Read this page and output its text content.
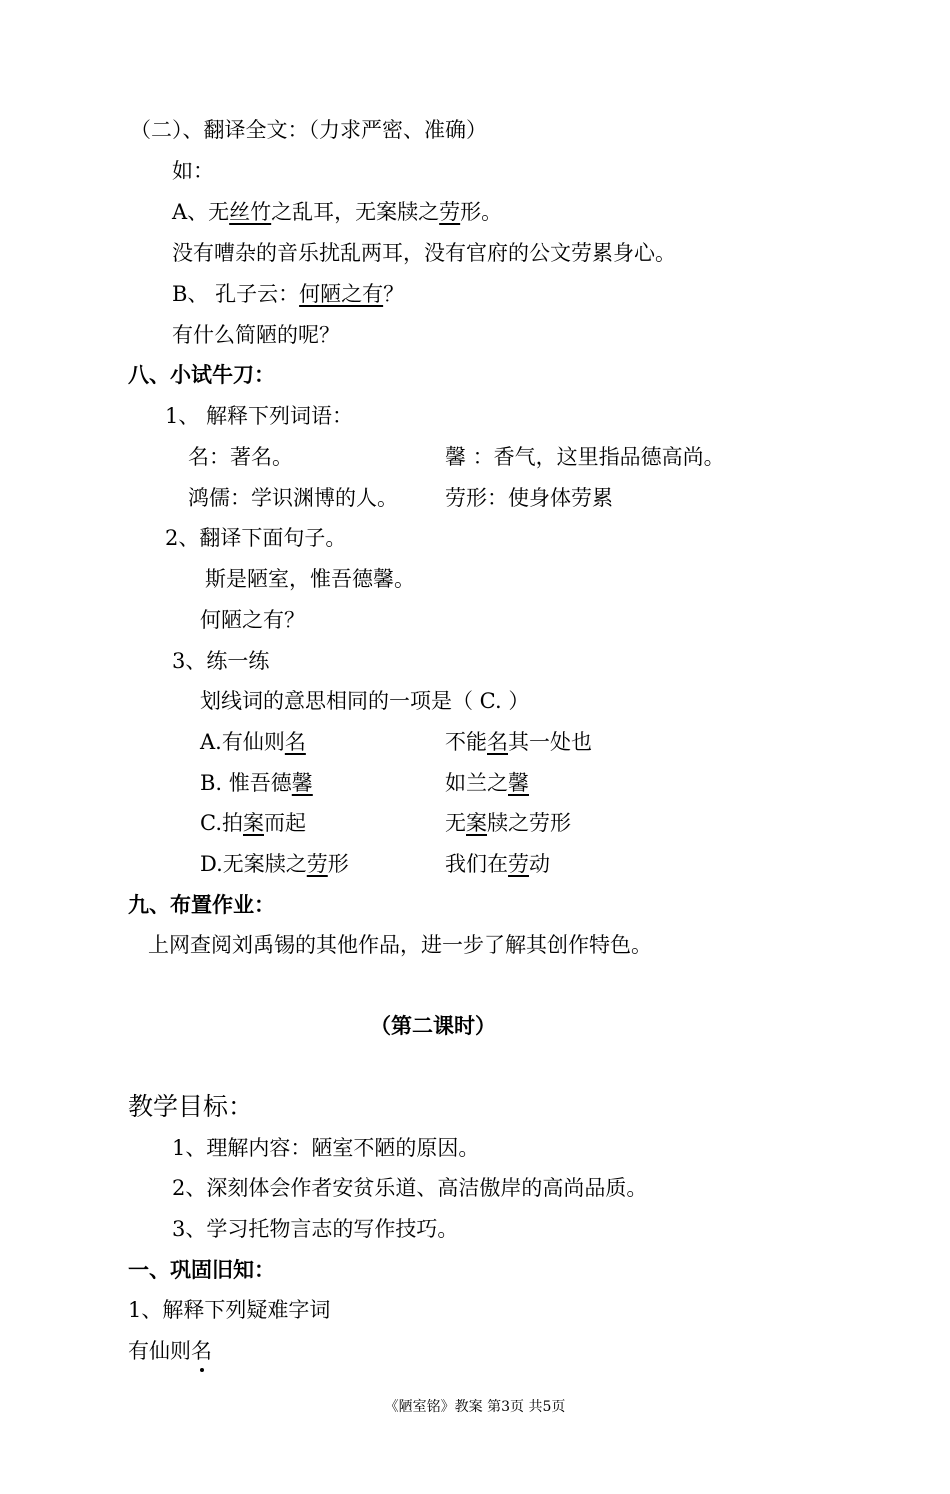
（二）、翻译全文：（力求严密、准确）
如：
A、无丝竹之乱耳，无案牍之劳形。
没有嘈杂的音乐扰乱两耳，没有官府的公文劳累身心。
B、 孔子云：何陋之有？
有什么简陋的呢？
八、小试牛刀：
1、 解释下列词语：
名：著名。	馨 ：香气，这里指品德高尚。
鸿儒：学识渊博的人。 劳形：使身体劳累
2、翻译下面句子。
斯是陋室，惟吾德馨。
何陋之有？
3、练一练
划线词的意思相同的一项是（ C. ）
A.有仙则名	不能名其一处也
B. 惟吾德馨	如兰之馨
C.拍案而起	无案牍之劳形
D.无案牍之劳形	我们在劳动
九、布置作业：
上网查阅刘禹锡的其他作品，进一步了解其创作特色。
（第二课时）
教学目标：
1、理解内容：陋室不陋的原因。
2、深刻体会作者安贫乐道、高洁傲岸的高尚品质。
3、学习托物言志的写作技巧。
一、巩固旧知：
1、解释下列疑难字词
有仙则名
《陋室铭》教案 第3页 共5页
